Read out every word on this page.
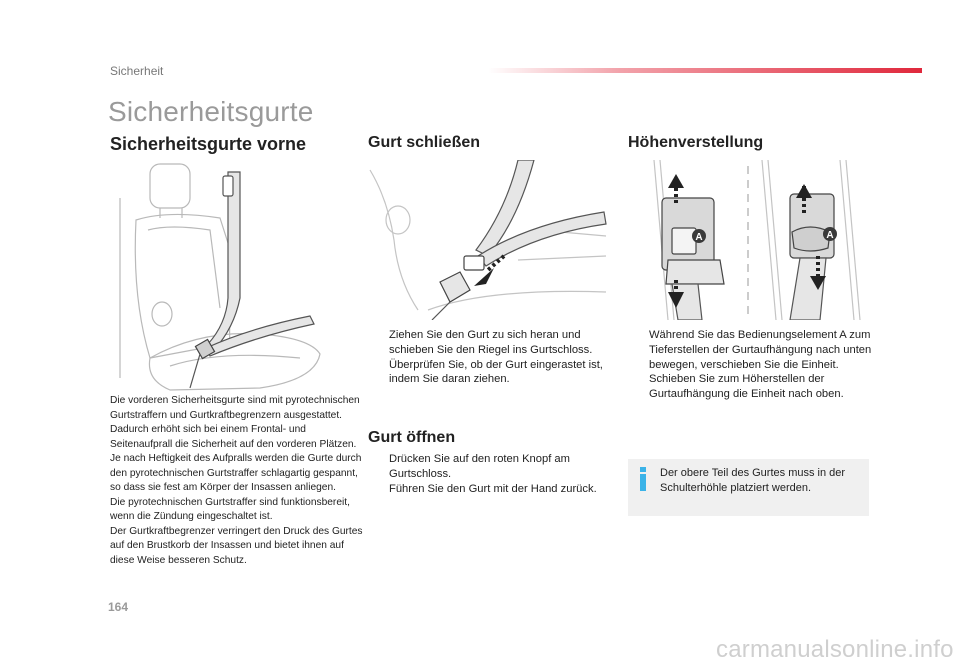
Sicherheit
Sicherheitsgurte
Sicherheitsgurte vorne	Gurt schließen	Höhenverstellung
A	A

Die vorderen Sicherheitsgurte sind mit pyrotechnischen Gurtstraffern und Gurtkraftbegrenzern ausgestattet.

Dadurch erhöht sich bei einem Frontal- und Seitenaufprall die Sicherheit auf den vorderen Plätzen. Je nach Heftigkeit des Aufpralls werden die Gurte durch den pyrotechnischen Gurtstraffer schlagartig gespannt, so dass sie fest am Körper der Insassen anliegen.

Die pyrotechnischen Gurtstraffer sind funktionsbereit, wenn die Zündung eingeschaltet ist.

Der Gurtkraftbegrenzer verringert den Druck des Gurtes auf den Brustkorb der Insassen und bietet ihnen auf diese Weise besseren Schutz.

Ziehen Sie den Gurt zu sich heran und schieben Sie den Riegel ins Gurtschloss.
Überprüfen Sie, ob der Gurt eingerastet ist, indem Sie daran ziehen.
Gurt öffnen
Drücken Sie auf den roten Knopf am Gurtschloss.
Führen Sie den Gurt mit der Hand zurück.
Während Sie das Bedienungselement A zum Tieferstellen der Gurtaufhängung nach unten bewegen, verschieben Sie die Einheit.
Schieben Sie zum Höherstellen der Gurtaufhängung die Einheit nach oben.
Der obere Teil des Gurtes muss in der Schulterhöhle platziert werden.
164
carmanualsonline.info
